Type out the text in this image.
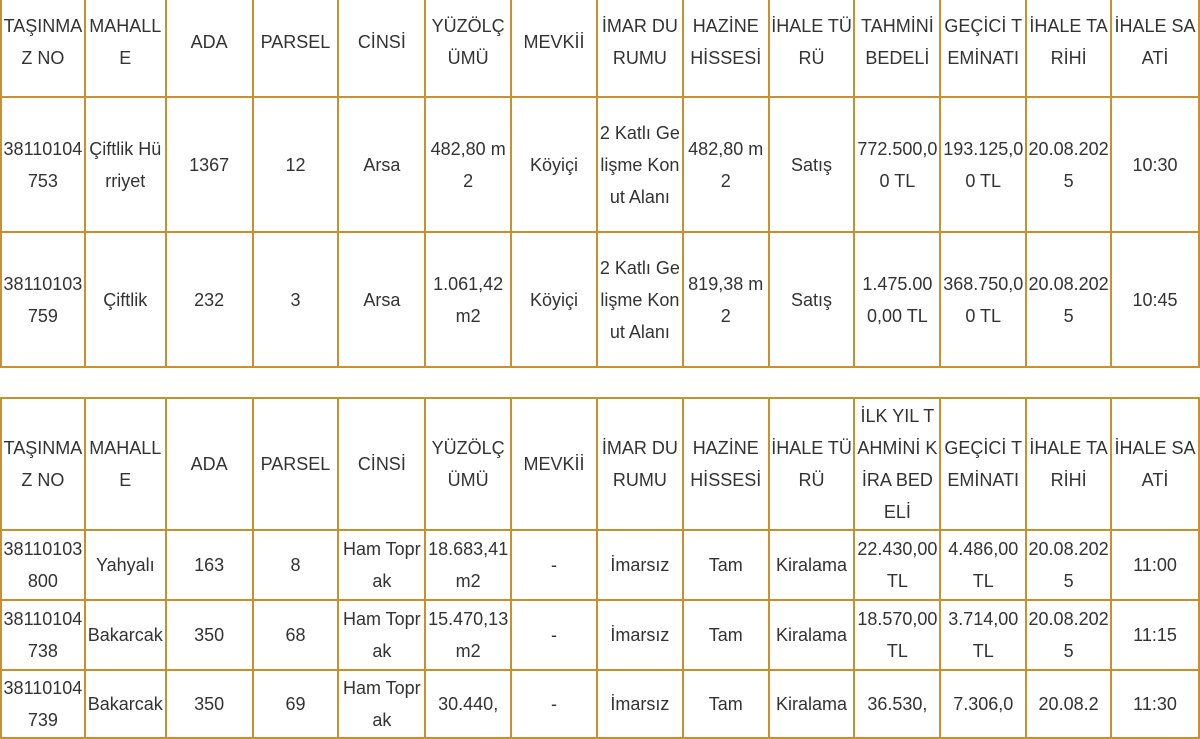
TAŞINMAZ NO	MAHALLE	ADA	PARSEL	CİNSİ	YÜZÖLÇÜMÜ	MEVKİİ	İMAR DURUMU	HAZİNE HİSSESİ	İHALE TÜRÜ	TAHMİNİ BEDELİ	GEÇİCİ TEMİNATI	İHALE TARİHİ	İHALE SAATİ
38110104753	Çiftlik Hürriyet	1367	12	Arsa	482,80 m2	Köyiçi	2 Katlı Gelişme Konut Alanı	482,80 m2	Satış	772.500,00 TL	193.125,00 TL	20.08.2025	10:30
38110103759	Çiftlik	232	3	Arsa	1.061,42 m2	Köyiçi	2 Katlı Gelişme Konut Alanı	819,38 m2	Satış	1.475.000,00 TL	368.750,00 TL	20.08.2025	10:45
TAŞINMAZ NO	MAHALLE	ADA	PARSEL	CİNSİ	YÜZÖLÇÜMÜ	MEVKİİ	İMAR DURUMU	HAZİNE HİSSESİ	İHALE TÜRÜ	İLK YIL TAHMİNİ KİRA BEDELİ	GEÇİCİ TEMİNATI	İHALE TARİHİ	İHALE SAATİ
38110103800	Yahyalı	163	8	Ham Toprak	18.683,41 m2	-	İmarsız	Tam	Kiralama	22.430,00 TL	4.486,00 TL	20.08.2025	11:00
38110104738	Bakarcak	350	68	Ham Toprak	15.470,13 m2	-	İmarsız	Tam	Kiralama	18.570,00 TL	3.714,00 TL	20.08.2025	11:15
38110104739	Bakarcak	350	69	Ham Toprak	30.440,	-	İmarsız	Tam	Kiralama	36.530,	7.306,0	20.08.2	11:30
